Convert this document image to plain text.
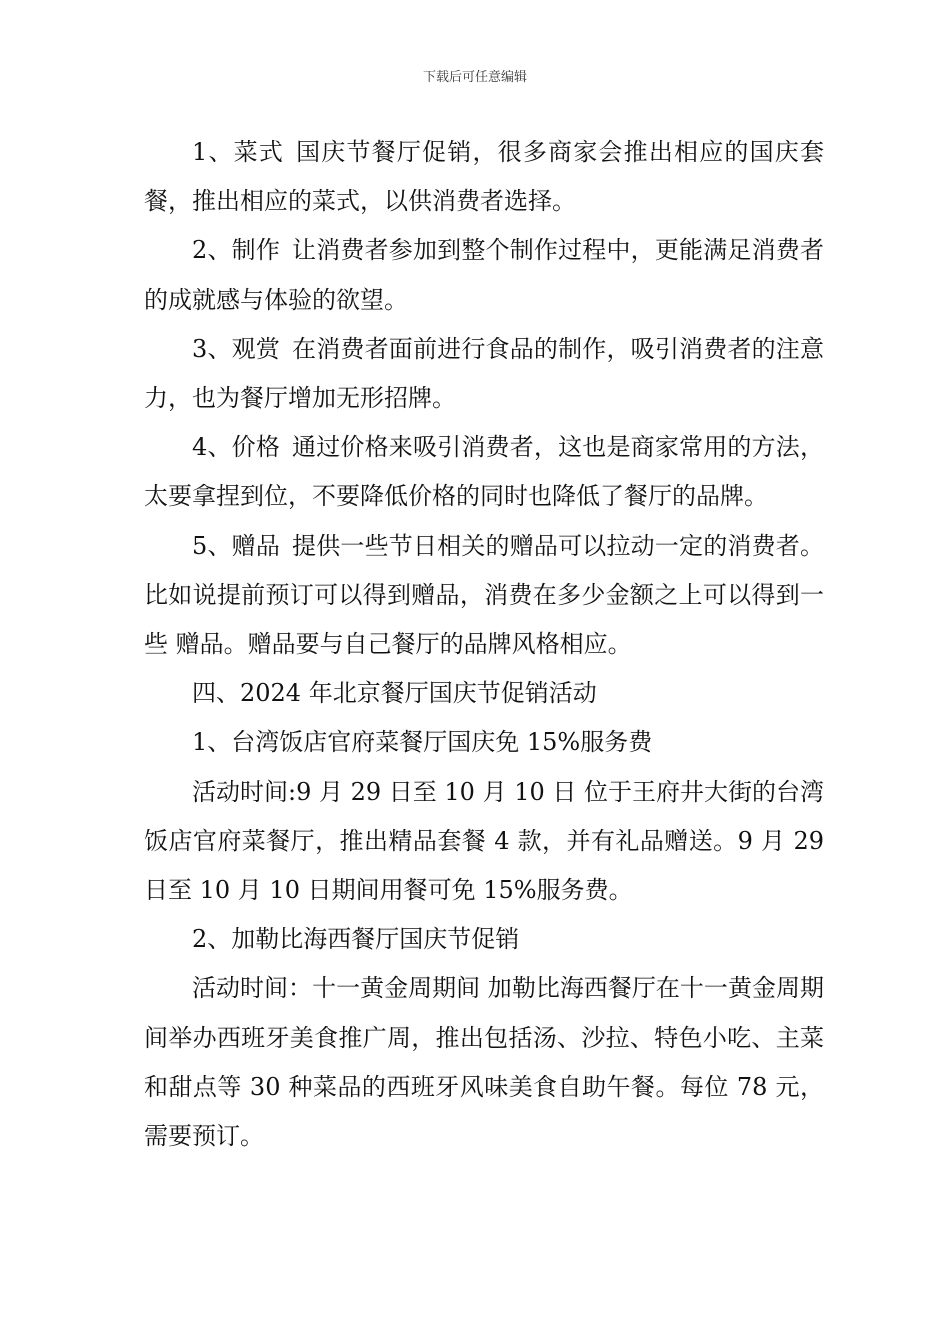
下载后可任意编辑

1、菜式 国庆节餐厅促销，很多商家会推出相应的国庆套餐，推出相应的菜式，以供消费者选择。

2、制作 让消费者参加到整个制作过程中，更能满足消费者的成就感与体验的欲望。

3、观赏 在消费者面前进行食品的制作，吸引消费者的注意力，也为餐厅增加无形招牌。

4、价格 通过价格来吸引消费者，这也是商家常用的方法，太要拿捏到位，不要降低价格的同时也降低了餐厅的品牌。

5、赠品 提供一些节日相关的赠品可以拉动一定的消费者。比如说提前预订可以得到赠品，消费在多少金额之上可以得到一些 赠品。赠品要与自己餐厅的品牌风格相应。

四、2024 年北京餐厅国庆节促销活动

1、台湾饭店官府菜餐厅国庆免 15%服务费

活动时间:9 月 29 日至 10 月 10 日 位于王府井大街的台湾饭店官府菜餐厅，推出精品套餐 4 款，并有礼品赠送。9 月 29 日至 10 月 10 日期间用餐可免 15%服务费。

2、加勒比海西餐厅国庆节促销

活动时间：十一黄金周期间 加勒比海西餐厅在十一黄金周期间举办西班牙美食推广周，推出包括汤、沙拉、特色小吃、主菜和甜点等 30 种菜品的西班牙风味美食自助午餐。每位 78 元，需要预订。
